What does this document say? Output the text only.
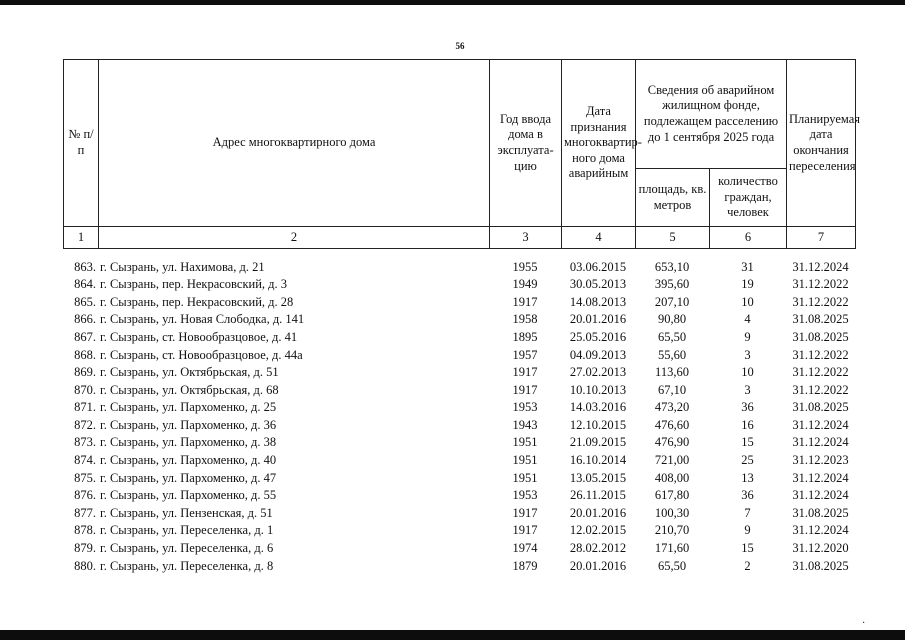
56
№ п/п	Адрес многоквартирного дома	Год ввода дома в эксплуата-цию	Дата признания многоквартир-ного дома аварийным	Сведения об аварийном жилищном фонде, подлежащем расселению до 1 сентября 2025 года		Планируемая дата окончания переселения
				площадь, кв. метров	количество граждан, человек	
1	2	3	4	5	6	7
863.	г. Сызрань, ул. Нахимова, д. 21	1955	03.06.2015	653,10	31	31.12.2024
864.	г. Сызрань, пер. Некрасовский, д. 3	1949	30.05.2013	395,60	19	31.12.2022
865.	г. Сызрань, пер. Некрасовский, д. 28	1917	14.08.2013	207,10	10	31.12.2022
866.	г. Сызрань, ул. Новая Слободка, д. 141	1958	20.01.2016	90,80	4	31.08.2025
867.	г. Сызрань, ст. Новообразцовое, д. 41	1895	25.05.2016	65,50	9	31.08.2025
868.	г. Сызрань, ст. Новообразцовое, д. 44а	1957	04.09.2013	55,60	3	31.12.2022
869.	г. Сызрань, ул. Октябрьская, д. 51	1917	27.02.2013	113,60	10	31.12.2022
870.	г. Сызрань, ул. Октябрьская, д. 68	1917	10.10.2013	67,10	3	31.12.2022
871.	г. Сызрань, ул. Пархоменко, д. 25	1953	14.03.2016	473,20	36	31.08.2025
872.	г. Сызрань, ул. Пархоменко, д. 36	1943	12.10.2015	476,60	16	31.12.2024
873.	г. Сызрань, ул. Пархоменко, д. 38	1951	21.09.2015	476,90	15	31.12.2024
874.	г. Сызрань, ул. Пархоменко, д. 40	1951	16.10.2014	721,00	25	31.12.2023
875.	г. Сызрань, ул. Пархоменко, д. 47	1951	13.05.2015	408,00	13	31.12.2024
876.	г. Сызрань, ул. Пархоменко, д. 55	1953	26.11.2015	617,80	36	31.12.2024
877.	г. Сызрань, ул. Пензенская, д. 51	1917	20.01.2016	100,30	7	31.08.2025
878.	г. Сызрань, ул. Переселенка, д. 1	1917	12.02.2015	210,70	9	31.12.2024
879.	г. Сызрань, ул. Переселенка, д. 6	1974	28.02.2012	171,60	15	31.12.2020
880.	г. Сызрань, ул. Переселенка, д. 8	1879	20.01.2016	65,50	2	31.08.2025
·
